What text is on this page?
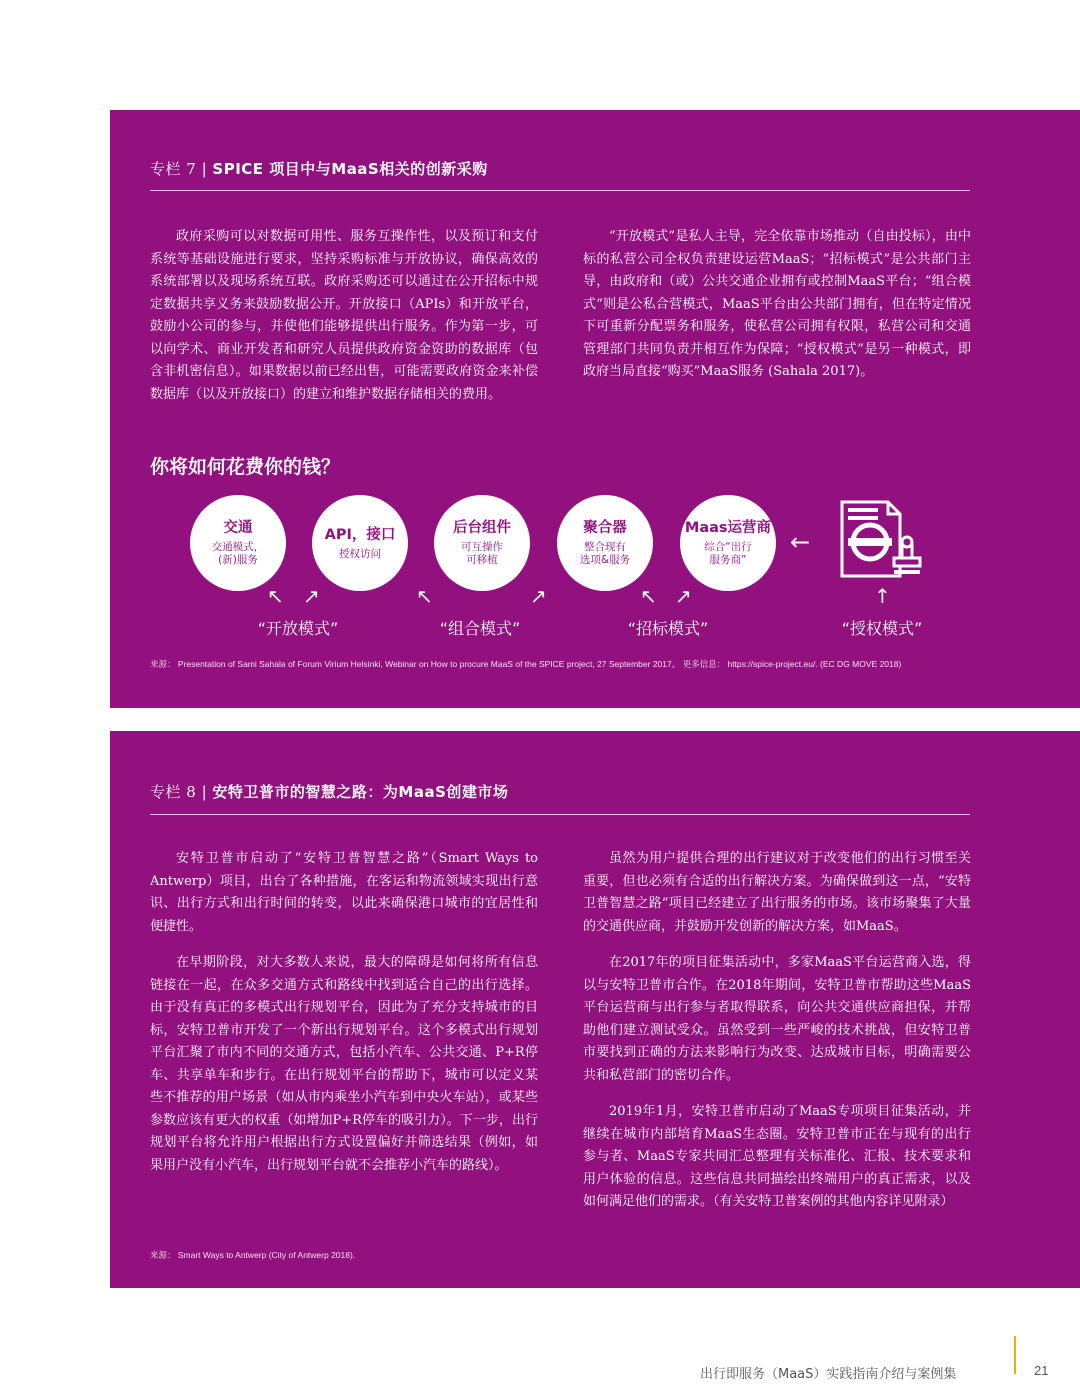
专栏 7 | SPICE 项目中与MaaS相关的创新采购

政府采购可以对数据可用性、服务互操作性，以及预订和支付系统等基础设施进行要求，坚持采购标准与开放协议，确保高效的系统部署以及现场系统互联。政府采购还可以通过在公开招标中规定数据共享义务来鼓励数据公开。开放接口（APIs）和开放平台，鼓励小公司的参与，并使他们能够提供出行服务。作为第一步，可以向学术、商业开发者和研究人员提供政府资金资助的数据库（包含非机密信息）。如果数据以前已经出售，可能需要政府资金来补偿数据库（以及开放接口）的建立和维护数据存储相关的费用。

“开放模式”是私人主导，完全依靠市场推动（自由投标），由中标的私营公司全权负责建设运营MaaS；“招标模式”是公共部门主导，由政府和（或）公共交通企业拥有或控制MaaS平台；“组合模式”则是公私合营模式，MaaS平台由公共部门拥有，但在特定情况下可重新分配票务和服务，使私营公司拥有权限，私营公司和交通管理部门共同负责并相互作为保障；“授权模式”是另一种模式，即政府当局直接“购买”MaaS服务 (Sahala 2017)。

你将如何花费你的钱？
交通
交通模式，
(新)服务
API，接口
授权访问
后台组件
可互操作
可移植
聚合器
整合现有
选项&服务
Maas运营商
综合“出行
服务商”
←
↖ ↗	↖	↗	↖ ↗	↑
“开放模式”	“组合模式”	“招标模式”	“授权模式”
来源： Presentation of Sami Sahala of Forum Virium Helsinki, Webinar on How to procure MaaS of the SPICE project, 27 September 2017。 更多信息： https://spice-project.eu/. (EC DG MOVE 2018)
专栏 8 | 安特卫普市的智慧之路：为MaaS创建市场

安特卫普市启动了“安特卫普智慧之路”（Smart Ways to Antwerp）项目，出台了各种措施，在客运和物流领域实现出行意识、出行方式和出行时间的转变，以此来确保港口城市的宜居性和便捷性。

在早期阶段，对大多数人来说，最大的障碍是如何将所有信息链接在一起，在众多交通方式和路线中找到适合自己的出行选择。由于没有真正的多模式出行规划平台，因此为了充分支持城市的目标，安特卫普市开发了一个新出行规划平台。这个多模式出行规划平台汇聚了市内不同的交通方式，包括小汽车、公共交通、P+R停车、共享单车和步行。在出行规划平台的帮助下，城市可以定义某些不推荐的用户场景（如从市内乘坐小汽车到中央火车站），或某些参数应该有更大的权重（如增加P+R停车的吸引力）。下一步，出行规划平台将允许用户根据出行方式设置偏好并筛选结果（例如，如果用户没有小汽车，出行规划平台就不会推荐小汽车的路线）。

虽然为用户提供合理的出行建议对于改变他们的出行习惯至关重要，但也必须有合适的出行解决方案。为确保做到这一点，“安特卫普智慧之路”项目已经建立了出行服务的市场。该市场聚集了大量的交通供应商，并鼓励开发创新的解决方案，如MaaS。

在2017年的项目征集活动中，多家MaaS平台运营商入选，得以与安特卫普市合作。在2018年期间，安特卫普市帮助这些MaaS平台运营商与出行参与者取得联系，向公共交通供应商担保，并帮助他们建立测试受众。虽然受到一些严峻的技术挑战，但安特卫普市要找到正确的方法来影响行为改变、达成城市目标，明确需要公共和私营部门的密切合作。

2019年1月，安特卫普市启动了MaaS专项项目征集活动，并继续在城市内部培育MaaS生态圈。安特卫普市正在与现有的出行参与者、MaaS专家共同汇总整理有关标准化、汇报、技术要求和用户体验的信息。这些信息共同描绘出终端用户的真正需求，以及如何满足他们的需求。（有关安特卫普案例的其他内容详见附录）

来源： Smart Ways to Antwerp (City of Antwerp 2018).
出行即服务（MaaS）实践指南介绍与案例集	21
